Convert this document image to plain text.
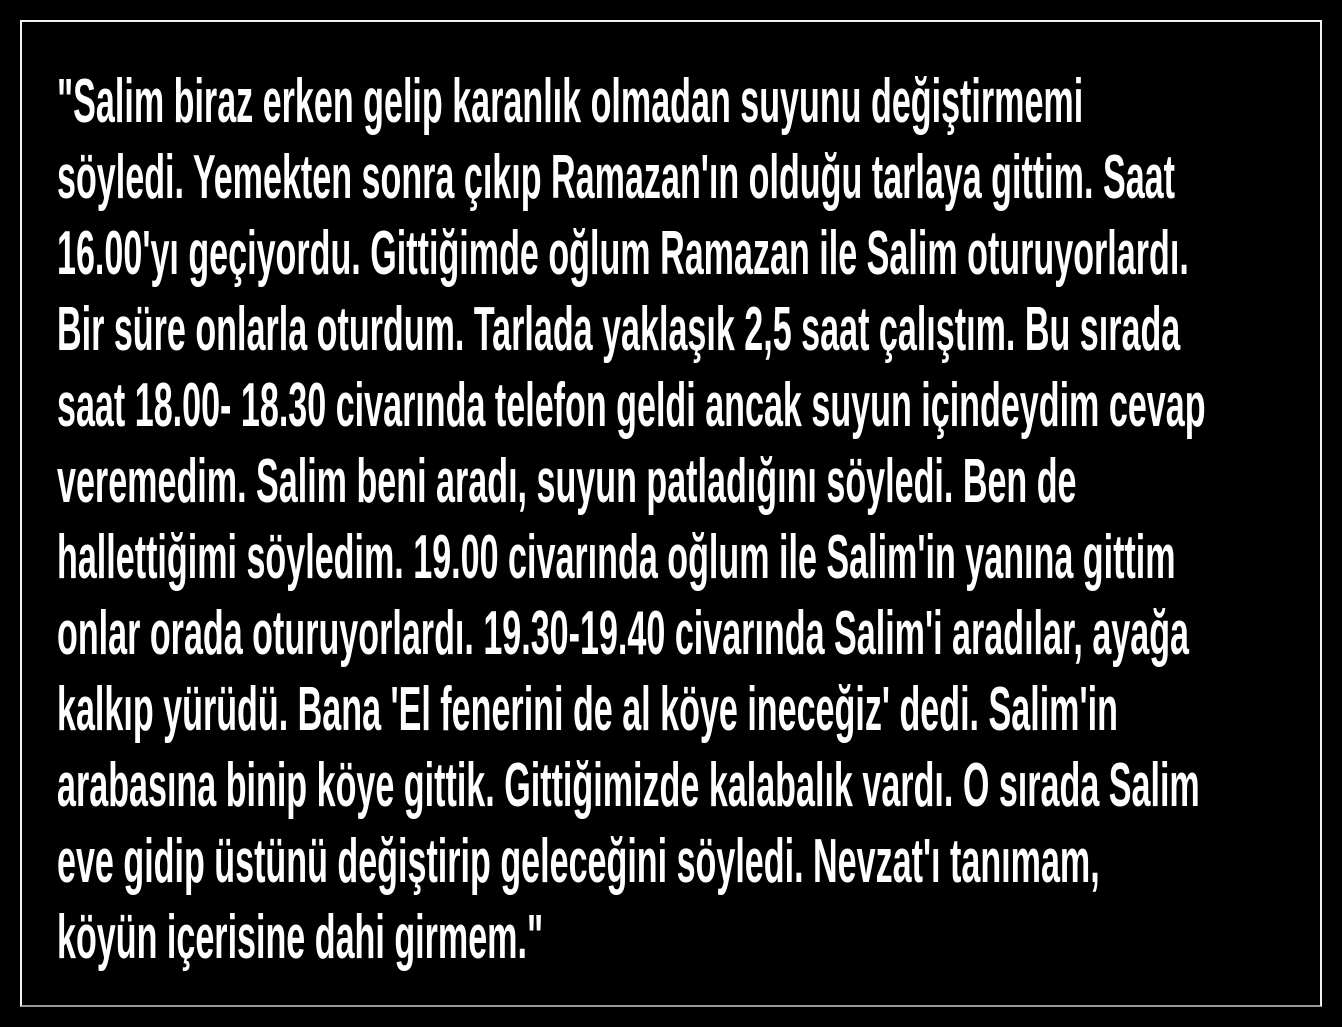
"Salim biraz erken gelip karanlık olmadan suyunu değiştirmemi
söyledi. Yemekten sonra çıkıp Ramazan'ın olduğu tarlaya gittim. Saat
16.00'yı geçiyordu. Gittiğimde oğlum Ramazan ile Salim oturuyorlardı.
Bir süre onlarla oturdum. Tarlada yaklaşık 2,5 saat çalıştım. Bu sırada
saat 18.00- 18.30 civarında telefon geldi ancak suyun içindeydim cevap
veremedim. Salim beni aradı, suyun patladığını söyledi. Ben de
hallettiğimi söyledim. 19.00 civarında oğlum ile Salim'in yanına gittim
onlar orada oturuyorlardı. 19.30-19.40 civarında Salim'i aradılar, ayağa
kalkıp yürüdü. Bana 'El fenerini de al köye ineceğiz' dedi. Salim'in
arabasına binip köye gittik. Gittiğimizde kalabalık vardı. O sırada Salim
eve gidip üstünü değiştirip geleceğini söyledi. Nevzat'ı tanımam,
köyün içerisine dahi girmem."
